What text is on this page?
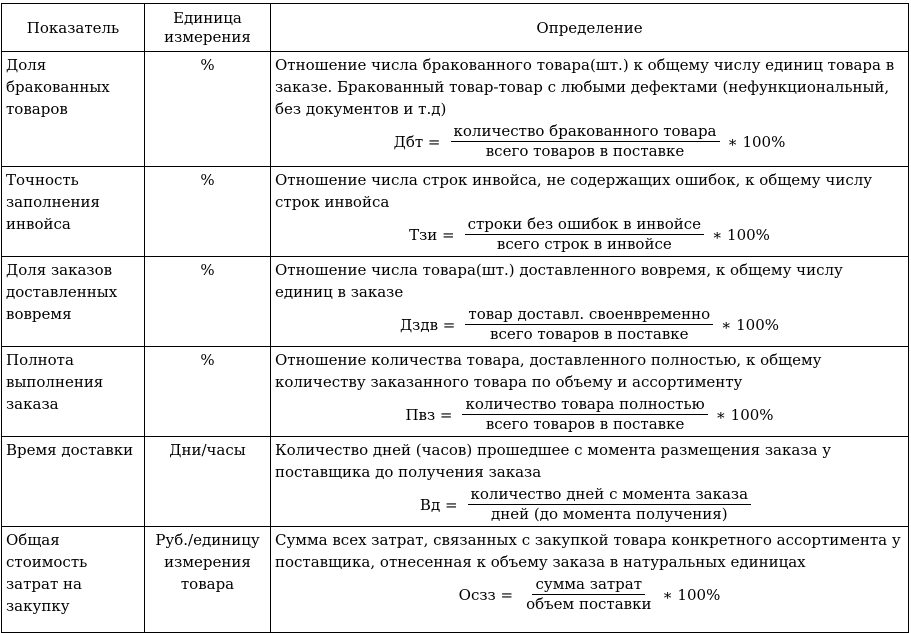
Показатель	Единица измерения	Определение
Доля бракованных товаров	%	Отношение числа бракованного товара(шт.) к общему числу единиц товара в заказе. Бракованный товар-товар с любыми дефектами (нефункциональный, без документов и т.д)
Дбт = $\frac{\text{количество бракованного товара}}{\text{всего товаров в поставке}}$ ∗ 100%

Точность заполнения инвойса	%	Отношение числа строк инвойса, не содержащих ошибок, к общему числу строк инвойса
Тзи = $\frac{\text{строки без ошибок в инвойсе}}{\text{всего строк в инвойсе}}$ ∗ 100%

Доля заказов доставленных вовремя	%	Отношение числа товара(шт.) доставленного вовремя, к общему числу единиц в заказе
Дздв = $\frac{\text{товар доставл. своенвременно}}{\text{всего товаров в поставке}}$ ∗ 100%

Полнота выполнения заказа	%	Отношение количества товара, доставленного полностью, к общему количеству заказанного товара по объему и ассортименту
Пвз = $\frac{\text{количество товара полностью}}{\text{всего товаров в поставке}}$ ∗ 100%

Время доставки	Дни/часы	Количество дней (часов) прошедшее с момента размещения заказа у поставщика до получения заказа
Вд = $\frac{\text{количество дней с момента заказа}}{\text{дней (до момента получения)}}$

Общая стоимость затрат на закупку	Руб./единицу измерения товара	Сумма всех затрат, связанных с закупкой товара конкретного ассортимента у поставщика, отнесенная к объему заказа в натуральных единицах
Осзз = $\frac{\text{сумма затрат}}{\text{объем поставки}}$ ∗ 100%
